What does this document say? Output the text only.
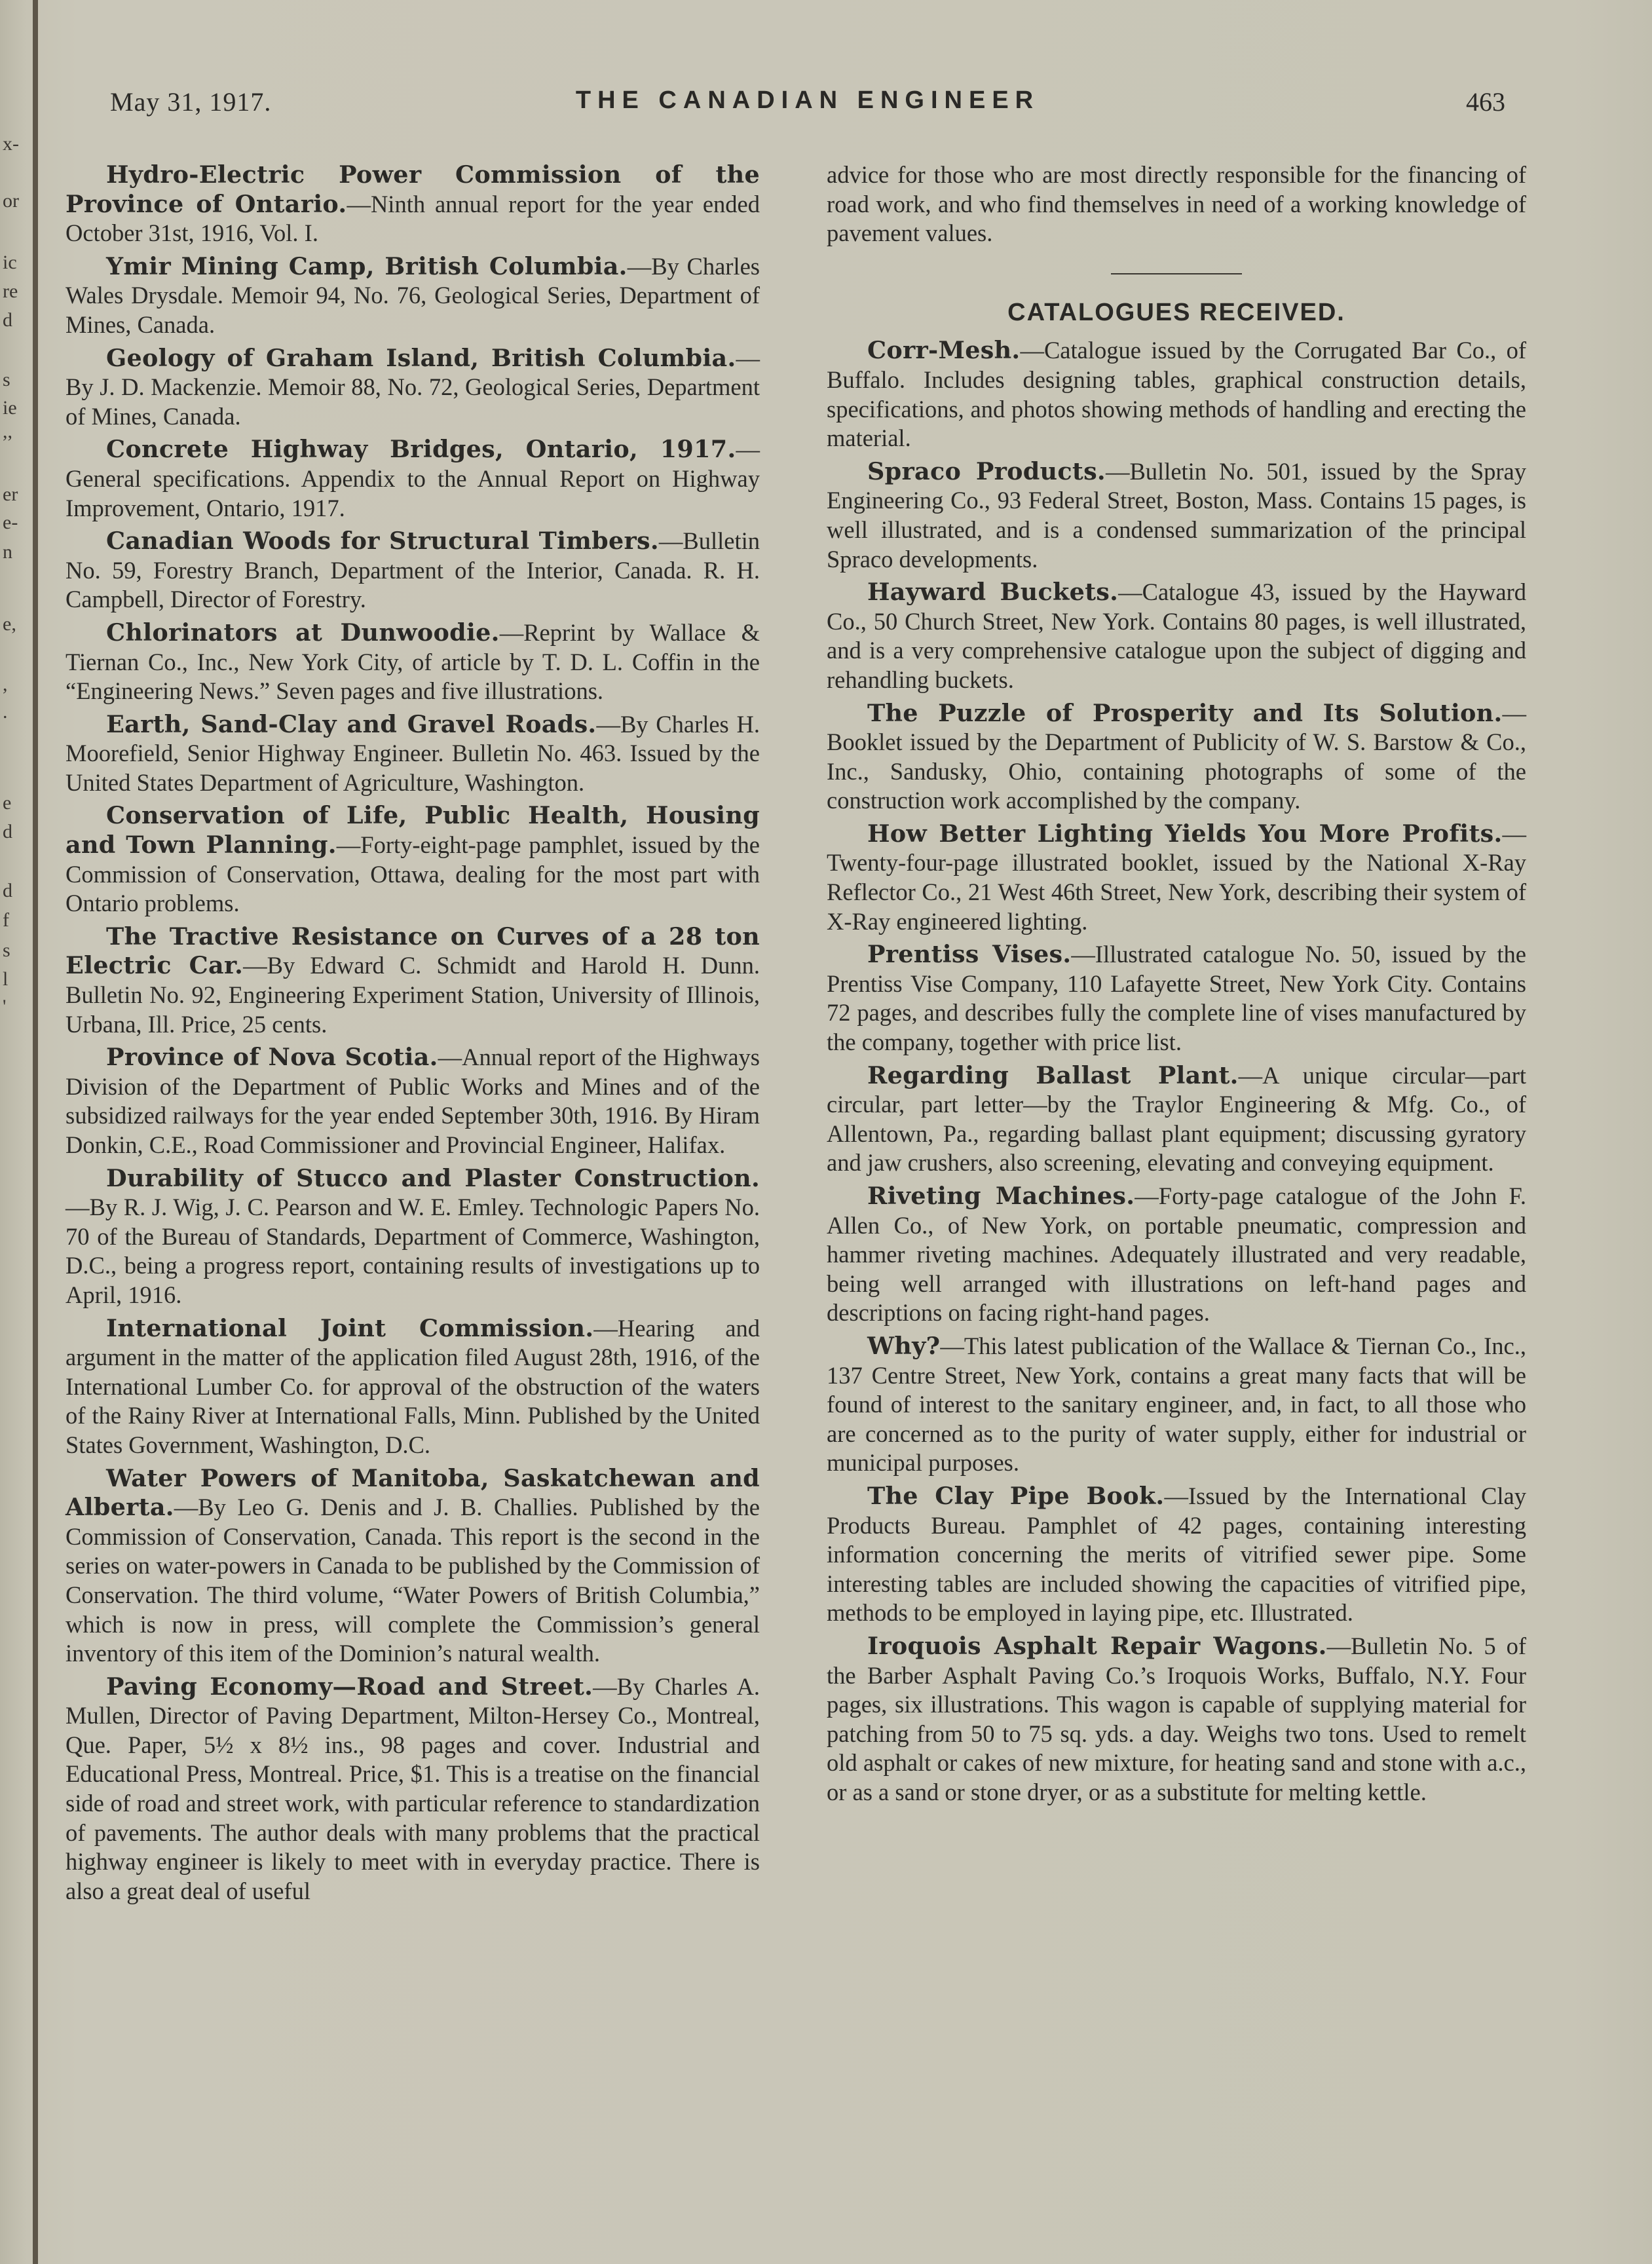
x-
or
ic
re
d
s
ie
,,
er
e-
n
e,
,
.
e
d
d
f
s
l
'
May 31, 1917.	THE CANADIAN ENGINEER	463

Hydro-Electric Power Commission of the Province of Ontario.—Ninth annual report for the year ended October 31st, 1916, Vol. I.

Ymir Mining Camp, British Columbia.—By Charles Wales Drysdale. Memoir 94, No. 76, Geological Series, Department of Mines, Canada.

Geology of Graham Island, British Columbia.—By J. D. Mackenzie. Memoir 88, No. 72, Geological Series, Department of Mines, Canada.

Concrete Highway Bridges, Ontario, 1917.—General specifications. Appendix to the Annual Report on Highway Improvement, Ontario, 1917.

Canadian Woods for Structural Timbers.—Bulletin No. 59, Forestry Branch, Department of the Interior, Canada. R. H. Campbell, Director of Forestry.

Chlorinators at Dunwoodie.—Reprint by Wallace & Tiernan Co., Inc., New York City, of article by T. D. L. Coffin in the “Engineering News.” Seven pages and five illustrations.

Earth, Sand-Clay and Gravel Roads.—By Charles H. Moorefield, Senior Highway Engineer. Bulletin No. 463. Issued by the United States Department of Agriculture, Washington.

Conservation of Life, Public Health, Housing and Town Planning.—Forty-eight-page pamphlet, issued by the Commission of Conservation, Ottawa, dealing for the most part with Ontario problems.

The Tractive Resistance on Curves of a 28 ton Electric Car.—By Edward C. Schmidt and Harold H. Dunn. Bulletin No. 92, Engineering Experiment Station, University of Illinois, Urbana, Ill. Price, 25 cents.

Province of Nova Scotia.—Annual report of the Highways Division of the Department of Public Works and Mines and of the subsidized railways for the year ended September 30th, 1916. By Hiram Donkin, C.E., Road Commissioner and Provincial Engineer, Halifax.

Durability of Stucco and Plaster Construction.—By R. J. Wig, J. C. Pearson and W. E. Emley. Technologic Papers No. 70 of the Bureau of Standards, Department of Commerce, Washington, D.C., being a progress report, containing results of investigations up to April, 1916.

International Joint Commission.—Hearing and argument in the matter of the application filed August 28th, 1916, of the International Lumber Co. for approval of the obstruction of the waters of the Rainy River at International Falls, Minn. Published by the United States Government, Washington, D.C.

Water Powers of Manitoba, Saskatchewan and Alberta.—By Leo G. Denis and J. B. Challies. Published by the Commission of Conservation, Canada. This report is the second in the series on water-powers in Canada to be published by the Commission of Conservation. The third volume, “Water Powers of British Columbia,” which is now in press, will complete the Commission’s general inventory of this item of the Dominion’s natural wealth.

Paving Economy—Road and Street.—By Charles A. Mullen, Director of Paving Department, Milton-Hersey Co., Montreal, Que. Paper, 5½ x 8½ ins., 98 pages and cover. Industrial and Educational Press, Montreal. Price, $1. This is a treatise on the financial side of road and street work, with particular reference to standardization of pavements. The author deals with many problems that the practical highway engineer is likely to meet with in everyday practice. There is also a great deal of useful

advice for those who are most directly responsible for the financing of road work, and who find themselves in need of a working knowledge of pavement values.

CATALOGUES RECEIVED.

Corr-Mesh.—Catalogue issued by the Corrugated Bar Co., of Buffalo. Includes designing tables, graphical construction details, specifications, and photos showing methods of handling and erecting the material.

Spraco Products.—Bulletin No. 501, issued by the Spray Engineering Co., 93 Federal Street, Boston, Mass. Contains 15 pages, is well illustrated, and is a condensed summarization of the principal Spraco developments.

Hayward Buckets.—Catalogue 43, issued by the Hayward Co., 50 Church Street, New York. Contains 80 pages, is well illustrated, and is a very comprehensive catalogue upon the subject of digging and rehandling buckets.

The Puzzle of Prosperity and Its Solution.—Booklet issued by the Department of Publicity of W. S. Barstow & Co., Inc., Sandusky, Ohio, containing photographs of some of the construction work accomplished by the company.

How Better Lighting Yields You More Profits.—Twenty-four-page illustrated booklet, issued by the National X-Ray Reflector Co., 21 West 46th Street, New York, describing their system of X-Ray engineered lighting.

Prentiss Vises.—Illustrated catalogue No. 50, issued by the Prentiss Vise Company, 110 Lafayette Street, New York City. Contains 72 pages, and describes fully the complete line of vises manufactured by the company, together with price list.

Regarding Ballast Plant.—A unique circular—part circular, part letter—by the Traylor Engineering & Mfg. Co., of Allentown, Pa., regarding ballast plant equipment; discussing gyratory and jaw crushers, also screening, elevating and conveying equipment.

Riveting Machines.—Forty-page catalogue of the John F. Allen Co., of New York, on portable pneumatic, compression and hammer riveting machines. Adequately illustrated and very readable, being well arranged with illustrations on left-hand pages and descriptions on facing right-hand pages.

Why?—This latest publication of the Wallace & Tiernan Co., Inc., 137 Centre Street, New York, contains a great many facts that will be found of interest to the sanitary engineer, and, in fact, to all those who are concerned as to the purity of water supply, either for industrial or municipal purposes.

The Clay Pipe Book.—Issued by the International Clay Products Bureau. Pamphlet of 42 pages, containing interesting information concerning the merits of vitrified sewer pipe. Some interesting tables are included showing the capacities of vitrified pipe, methods to be employed in laying pipe, etc. Illustrated.

Iroquois Asphalt Repair Wagons.—Bulletin No. 5 of the Barber Asphalt Paving Co.’s Iroquois Works, Buffalo, N.Y. Four pages, six illustrations. This wagon is capable of supplying material for patching from 50 to 75 sq. yds. a day. Weighs two tons. Used to remelt old asphalt or cakes of new mixture, for heating sand and stone with a.c., or as a sand or stone dryer, or as a substitute for melting kettle.
